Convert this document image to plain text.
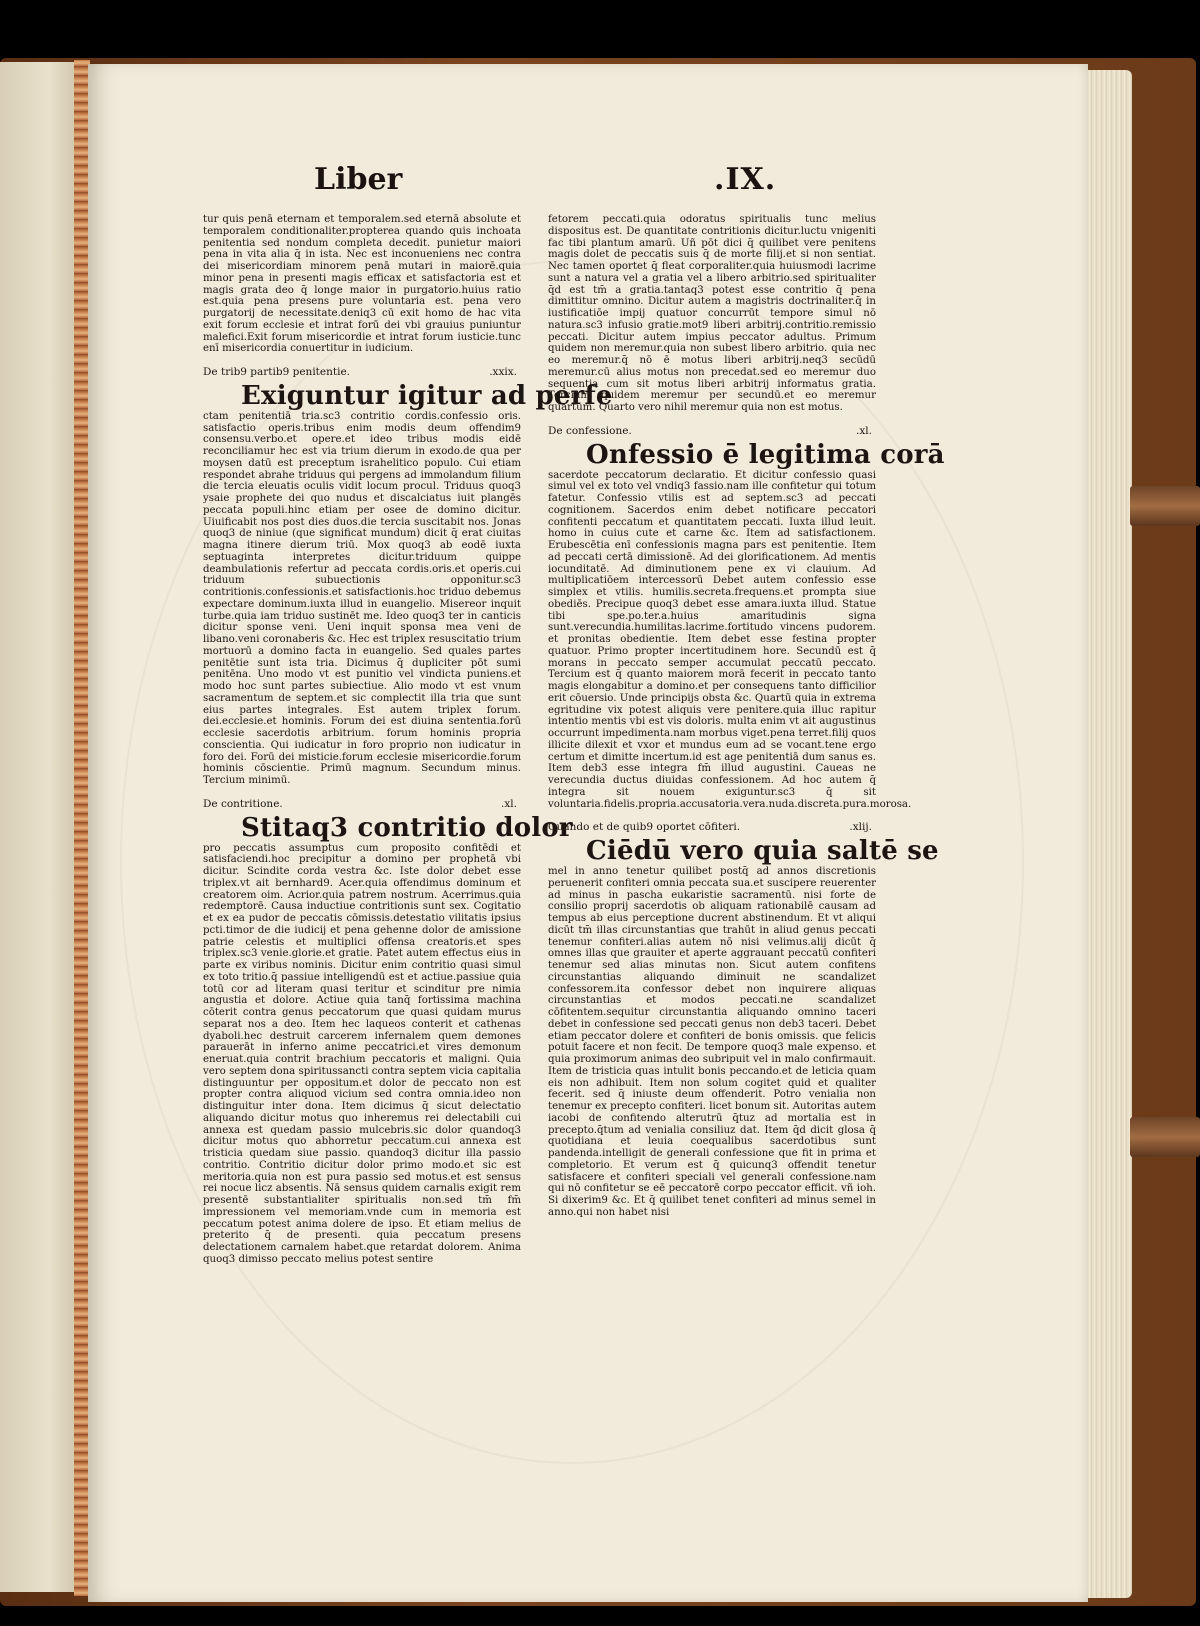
Liber	.IX.

tur quis penā eternam et temporalem.sed eternā absolute et temporalem conditionaliter.propterea quando quis inchoata penitentia sed nondum completa decedit. punietur maiori pena in vita alia q̄ in ista. Nec est inconueniens nec contra dei misericordiam minorem penā mutari in maiorē.quia minor pena in presenti magis efficax et satisfactoria est et magis grata deo q̄ longe maior in purgatorio.huius ratio est.quia pena presens pure voluntaria est. pena vero purgatorij de necessitate.deniq3 cū exit homo de hac vita exit forum ecclesie et intrat forū dei vbi grauius puniuntur malefici.Exit forum misericordie et intrat forum iusticie.tunc enī misericordia conuertitur in iudicium.

De trib9 partib9 penitentie.	.xxix.
Exiguntur igitur ad perfe

ctam penitentiā tria.sc3 contritio cordis.confessio oris. satisfactio operis.tribus enim modis deum offendim9 consensu.verbo.et opere.et ideo tribus modis eidē reconciliamur hec est via trium dierum in exodo.de qua per moysen datū est preceptum israhelitico populo. Cui etiam respondet abrahe triduus qui pergens ad immolandum filium die tercia eleuatis oculis vidit locum procul. Triduus quoq3 ysaie prophete dei quo nudus et discalciatus iuit plangēs peccata populi.hinc etiam per osee de domino dicitur. Uiuificabit nos post dies duos.die tercia suscitabit nos. Jonas quoq3 de niniue (que significat mundum) dicit q̄ erat ciuitas magna itinere dierum triū. Mox quoq3 ab eodē iuxta septuaginta interpretes dicitur.triduum quippe deambulationis refertur ad peccata cordis.oris.et operis.cui triduum subuectionis opponitur.sc3 contritionis.confessionis.et satisfactionis.hoc triduo debemus expectare dominum.iuxta illud in euangelio. Misereor inquit turbe.quia iam triduo sustinēt me. Ideo quoq3 ter in canticis dicitur sponse veni. Ueni inquit sponsa mea veni de libano.veni coronaberis &c. Hec est triplex resuscitatio trium mortuorū a domino facta in euangelio. Sed quales partes penitētie sunt ista tria. Dicimus q̄ dupliciter pōt sumi penitēna. Uno modo vt est punitio vel vindicta puniens.et modo hoc sunt partes subiectiue. Alio modo vt est vnum sacramentum de septem.et sic complectit illa tria que sunt eius partes integrales. Est autem triplex forum. dei.ecclesie.et hominis. Forum dei est diuina sententia.forū ecclesie sacerdotis arbitrium. forum hominis propria conscientia. Qui iudicatur in foro proprio non iudicatur in foro dei. Forū dei misticie.forum ecclesie misericordie.forum hominis cōscientie. Primū magnum. Secundum minus. Tercium minimū.

De contritione.	.xl.
Stitaq3 contritio dolor

pro peccatis assumptus cum proposito confitēdi et satisfaciendi.hoc precipitur a domino per prophetā vbi dicitur. Scindite corda vestra &c. Iste dolor debet esse triplex.vt ait bernhard9. Acer.quia offendimus dominum et creatorem oim. Acrior.quia patrem nostrum. Acerrimus.quia redemptorē. Causa inductiue contritionis sunt sex. Cogitatio et ex ea pudor de peccatis cōmissis.detestatio vilitatis ipsius pcti.timor de die iudicij et pena gehenne dolor de amissione patrie celestis et multiplici offensa creatoris.et spes triplex.sc3 venie.glorie.et gratie. Patet autem effectus eius in parte ex viribus nominis. Dicitur enim contritio quasi simul ex toto tritio.q̄ passiue intelligendū est et actiue.passiue quia totū cor ad literam quasi teritur et scinditur pre nimia angustia et dolore. Actiue quia tanq̄ fortissima machina cōterit contra genus peccatorum que quasi quidam murus separat nos a deo. Item hec laqueos conterit et cathenas dyaboli.hec destruit carcerem infernalem quem demones parauerāt in inferno anime peccatrici.et vires demonum eneruat.quia contrit brachium peccatoris et maligni. Quia vero septem dona spiritussancti contra septem vicia capitalia distinguuntur per oppositum.et dolor de peccato non est propter contra aliquod vicium sed contra omnia.ideo non distinguitur inter dona. Item dicimus q̄ sicut delectatio aliquando dicitur motus quo inheremus rei delectabili cui annexa est quedam passio mulcebris.sic dolor quandoq3 dicitur motus quo abhorretur peccatum.cui annexa est tristicia quedam siue passio. quandoq3 dicitur illa passio contritio. Contritio dicitur dolor primo modo.et sic est meritoria.quia non est pura passio sed motus.et est sensus rei nocue licz absentis. Nā sensus quidem carnalis exigit rem presentē substantialiter spiritualis non.sed tm̄ fm̄ impressionem vel memoriam.vnde cum in memoria est peccatum potest anima dolere de ipso. Et etiam melius de preterito q̄ de presenti. quia peccatum presens delectationem carnalem habet.que retardat dolorem. Anima quoq3 dimisso peccato melius potest sentire

fetorem peccati.quia odoratus spiritualis tunc melius dispositus est. De quantitate contritionis dicitur.luctu vnigeniti fac tibi plantum amarū. Uñ pōt dici q̄ quilibet vere penitens magis dolet de peccatis suis q̄ de morte filij.et si non sentiat. Nec tamen oportet q̄ fleat corporaliter.quia huiusmodi lacrime sunt a natura vel a gratia vel a libero arbitrio.sed spiritualiter q̄d est tm̄ a gratia.tantaq3 potest esse contritio q̄ pena dimittitur omnino. Dicitur autem a magistris doctrinaliter.q̄ in iustificatiōe impij quatuor concurrūt tempore simul nō natura.sc3 infusio gratie.mot9 liberi arbitrij.contritio.remissio peccati. Dicitur autem impius peccator adultus. Primum quidem non meremur.quia non subest libero arbitrio. quia nec eo meremur.q̄ nō ē motus liberi arbitrij.neq3 secūdū meremur.cū alius motus non precedat.sed eo meremur duo sequentia cum sit motus liberi arbitrij informatus gratia. Tercium quidem meremur per secundū.et eo meremur quartum. Quarto vero nihil meremur quia non est motus.

De confessione.	.xl.
Onfessio ē legitima corā

sacerdote peccatorum declaratio. Et dicitur confessio quasi simul vel ex toto vel vndiq3 fassio.nam ille confitetur qui totum fatetur. Confessio vtilis est ad septem.sc3 ad peccati cognitionem. Sacerdos enim debet notificare peccatori confitenti peccatum et quantitatem peccati. Iuxta illud leuit. homo in cuius cute et carne &c. Item ad satisfactionem. Erubescētia enī confessionis magna pars est penitentie. Item ad peccati certā dimissionē. Ad dei glorificationem. Ad mentis iocunditatē. Ad diminutionem pene ex vi clauium. Ad multiplicatiōem intercessorū Debet autem confessio esse simplex et vtilis. humilis.secreta.frequens.et prompta siue obediēs. Precipue quoq3 debet esse amara.iuxta illud. Statue tibi spe.po.ter.a.huius amaritudinis signa sunt.verecundia.humilitas.lacrime.fortitudo vincens pudorem. et pronitas obedientie. Item debet esse festina propter quatuor. Primo propter incertitudinem hore. Secundū est q̄ morans in peccato semper accumulat peccatū peccato. Tercium est q̄ quanto maiorem morā fecerit in peccato tanto magis elongabitur a domino.et per consequens tanto difficilior erit cōuersio. Unde principijs obsta &c. Quartū quia in extrema egritudine vix potest aliquis vere penitere.quia illuc rapitur intentio mentis vbi est vis doloris. multa enim vt ait augustinus occurrunt impedimenta.nam morbus viget.pena terret.filij quos illicite dilexit et vxor et mundus eum ad se vocant.tene ergo certum et dimitte incertum.id est age penitentiā dum sanus es. Item deb3 esse integra fm̄ illud augustini. Caueas ne verecundia ductus diuidas confessionem. Ad hoc autem q̄ integra sit nouem exiguntur.sc3 q̄ sit voluntaria.fidelis.propria.accusatoria.vera.nuda.discreta.pura.morosa.

Quando et de quib9 oportet cōfiteri.	.xlij.
Ciēdū vero quia saltē se

mel in anno tenetur quilibet postq̄ ad annos discretionis peruenerit confiteri omnia peccata sua.et suscipere reuerenter ad minus in pascha eukaristie sacramentū. nisi forte de consilio proprij sacerdotis ob aliquam rationabilē causam ad tempus ab eius perceptione ducrent abstinendum. Et vt aliqui dicūt tm̄ illas circunstantias que trahūt in aliud genus peccati tenemur confiteri.alias autem nō nisi velimus.alij dicūt q̄ omnes illas que grauiter et aperte aggrauant peccatū confiteri tenemur sed alias minutas non. Sicut autem confitens circunstantias aliquando diminuit ne scandalizet confessorem.ita confessor debet non inquirere aliquas circunstantias et modos peccati.ne scandalizet cōfitentem.sequitur circunstantia aliquando omnino taceri debet in confessione sed peccati genus non deb3 taceri. Debet etiam peccator dolere et confiteri de bonis omissis. que felicis potuit facere et non fecit. De tempore quoq3 male expenso. et quia proximorum animas deo subripuit vel in malo confirmauit. Item de tristicia quas intulit bonis peccando.et de leticia quam eis non adhibuit. Item non solum cogitet quid et qualiter fecerit. sed q̄ iniuste deum offenderit. Potro venialia non tenemur ex precepto confiteri. licet bonum sit. Autoritas autem iacobi de confitendo alterutrū q̄tuz ad mortalia est in precepto.q̄tum ad venialia consiliuz dat. Item q̄d dicit glosa q̄ quotidiana et leuia coequalibus sacerdotibus sunt pandenda.intelligit de generali confessione que fit in prima et completorio. Et verum est q̄ quicunq3 offendit tenetur satisfacere et confiteri speciali vel generali confessione.nam qui nō confitetur se eē peccatorē corpo peccator efficit. vñ ioh. Si dixerim9 &c. Et q̄ quilibet tenet confiteri ad minus semel in anno.qui non habet nisi
